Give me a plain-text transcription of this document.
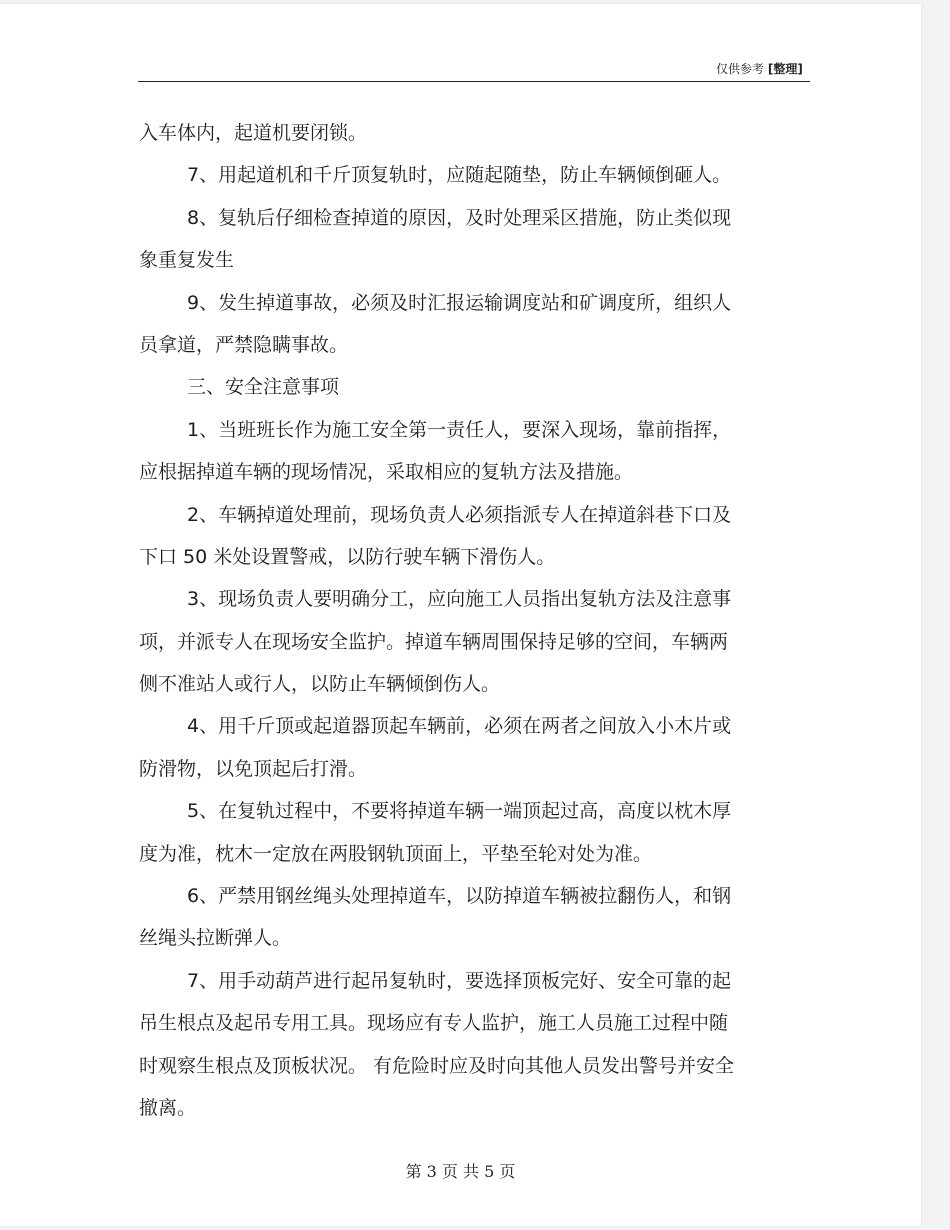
仅供参考 [整理]
入车体内，起道机要闭锁。
7、用起道机和千斤顶复轨时，应随起随垫，防止车辆倾倒砸人。
8、复轨后仔细检查掉道的原因，及时处理采区措施，防止类似现
象重复发生
9、发生掉道事故，必须及时汇报运输调度站和矿调度所，组织人
员拿道，严禁隐瞒事故。
三、安全注意事项
1、当班班长作为施工安全第一责任人，要深入现场，靠前指挥，
应根据掉道车辆的现场情况，采取相应的复轨方法及措施。
2、车辆掉道处理前，现场负责人必须指派专人在掉道斜巷下口及
下口 50 米处设置警戒，以防行驶车辆下滑伤人。
3、现场负责人要明确分工，应向施工人员指出复轨方法及注意事
项，并派专人在现场安全监护。掉道车辆周围保持足够的空间，车辆两
侧不准站人或行人，以防止车辆倾倒伤人。
4、用千斤顶或起道器顶起车辆前，必须在两者之间放入小木片或
防滑物，以免顶起后打滑。
5、在复轨过程中，不要将掉道车辆一端顶起过高，高度以枕木厚
度为准，枕木一定放在两股钢轨顶面上，平垫至轮对处为准。
6、严禁用钢丝绳头处理掉道车，以防掉道车辆被拉翻伤人，和钢
丝绳头拉断弹人。
7、用手动葫芦进行起吊复轨时，要选择顶板完好、安全可靠的起
吊生根点及起吊专用工具。现场应有专人监护，施工人员施工过程中随
时观察生根点及顶板状况。 有危险时应及时向其他人员发出警号并安全
撤离。
第 3 页 共 5 页
